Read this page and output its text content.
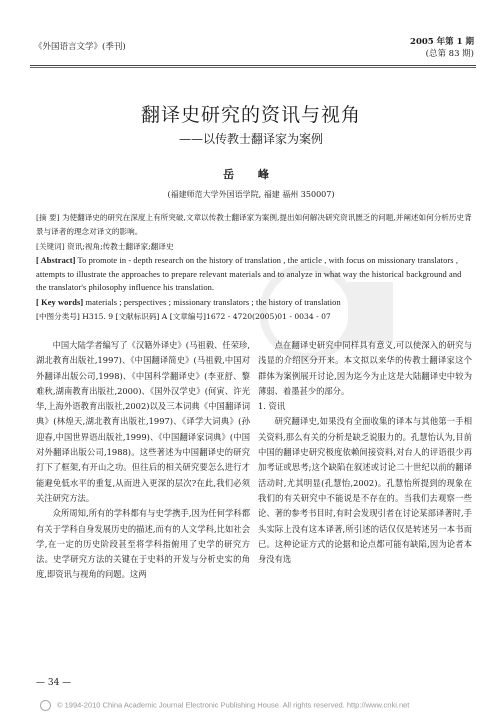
《外国语言文学》(季刊)	2005 年第 1 期
(总第 83 期)
翻译史研究的资讯与视角
——以传教士翻译家为案例
岳 峰
(福建师范大学外国语学院, 福建 福州 350007)
[摘 要] 为使翻译史的研究在深度上有所突破,文章以传教士翻译家为案例,提出如何解决研究资讯匮乏的问题,并阐述如何分析历史背景与译者的理念对译文的影响。
[关键词] 资讯;视角;传教士翻译家;翻译史
[ Abstract] To promote in - depth research on the history of translation , the article , with focus on missionary translators , attempts to illustrate the approaches to prepare relevant materials and to analyze in what way the historical background and the translator's philosophy influence his translation.
[ Key words] materials ; perspectives ; missionary translators ; the history of translation
[中图分类号] H315. 9 [文献标识码] A [文章编号]1672 - 4720(2005)01 - 0034 - 07

中国大陆学者编写了《汉籍外译史》(马祖毅、任荣珍,湖北教育出版社,1997)、《中国翻译简史》(马祖毅,中国对外翻译出版公司,1998)、《中国科学翻译史》(李亚舒、黎难秋,湖南教育出版社,2000)、《国外汉学史》(何寅、许光华,上海外语教育出版社,2002)以及三本词典《中国翻译词典》(林煌天,湖北教育出版社,1997)、《译学大词典》(孙迎春,中国世界语出版社,1999)、《中国翻译家词典》(中国对外翻译出版公司,1988)。这些著述为中国翻译史的研究打下了框架,有开山之功。但往后的相关研究要怎么进行才能避免低水平的重复,从而进入更深的层次?在此,我们必须关注研究方法。

众所周知,所有的学科都有与史学携手,因为任何学科都有关于学科自身发展历史的描述,而有的人文学科,比如社会学,在一定的历史阶段甚至将学科指俯用了史学的研究方法。史学研究方法的关键在于史料的开发与分析史实的角度,即资讯与视角的问题。这两

点在翻译史研究中同样具有意义,可以使深入的研究与浅显的介绍区分开来。本文拟以来华的传教士翻译家这个群体为案例展开讨论,因为迄今为止这是大陆翻译史中较为薄弱、着墨甚少的部分。

1. 资讯

研究翻译史,如果没有全面收集的译本与其他第一手相关资料,那么有关的分析是缺乏说服力的。孔慧怡认为,目前中国的翻译史研究极度依赖间接资料,对台人的评语很少再加考证或思考;这个缺陷在叙述或讨论二十世纪以前的翻译活动时,尤其明显(孔慧怡,2002)。孔慧怡所提到的现象在我们的有关研究中不能说是不存在的。当我们去观察一些论、著的参考书目时,有时会发现引者在讨论某部译著时,手头实际上没有这本译著,所引述的话仅仅是转述另一本书而已。这种论证方式的论据和论点都可能有缺陷,因为论者本身没有选

— 34 —
© 1994-2010 China Academic Journal Electronic Publishing House. All rights reserved. http://www.cnki.net
